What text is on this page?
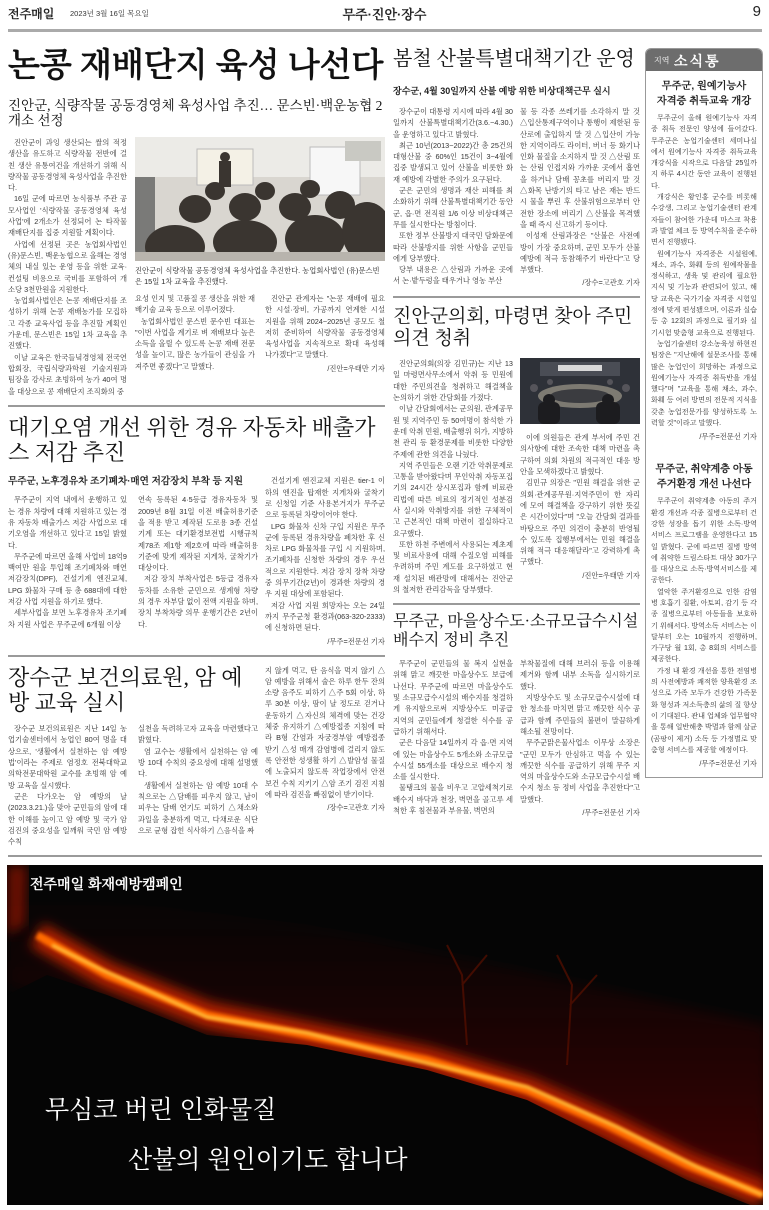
전주매일 2023년 3월 16일 목요일	무주·진안·장수	9
논콩 재배단지 육성 나선다
진안군, 식량작물 공동경영체 육성사업 추진… 문스빈·백운농협 2개소 선정

진안군이 과잉 생산되는 쌀의 적정 생산을 유도하고 식량작물 전반에 걸친 생산 유통여건을 개선하기 위해 식량작물 공동경영체 육성사업을 추진한다.

16일 군에 따르면 농식품부 주관 공모사업인 '식량작물 공동경영체 육성사업'에 2개소가 선정되어 논 타작물 재배단지를 집중 지원할 계획이다.

사업에 선정된 곳은 농업회사법인 (유)문스빈, 백운농협으로 올해는 경영체의 내실 있는 운영 등을 위한 교육·컨설팅 비용으로 국비를 포함하여 개소당 3천만원을 지원한다.

농업회사법인은 논콩 재배단지를 조성하기 위해 논콩 재배농가를 모집하고 각종 교육사업 등을 추진할 계획인 가운데, 문스빈은 15일 1차 교육을 추진했다.

이날 교육은 한국들녘경영체 전국연합회장, 국립식량과학원 기술지원과 팀장을 강사로 초빙하여 농가 40여 명을 대상으로 콩 재배단지 조직화의 중

진안군이 식량작물 공동경영체 육성사업을 추진한다. 농업회사법인 (유)문스빈은 15일 1차 교육을 추진했다.

요성 인지 및 고품질 콩 생산을 위한 재배기술 교육 등으로 이루어졌다.

농업회사법인 문스빈 문수빈 대표는 "이번 사업을 계기로 벼 재배보다 높은 소득을 올릴 수 있도록 논콩 재배 전문성을 높이고, 많은 농가들이 관심을 가져주면 좋겠다"고 말했다.

진안군 관계자는 "논콩 재배에 필요한 시설·장비, 가공까지 연계한 시설 지원을 위해 2024~2025년 공모도 철저히 준비하여 식량작물 공동경영체 육성사업을 지속적으로 확대 육성해 나가겠다"고 말했다.

/진안=우태만 기자
대기오염 개선 위한 경유 자동차 배출가스 저감 추진
무주군, 노후경유차 조기폐차·매연 저감장치 부착 등 지원

무주군이 지역 내에서 운행하고 있는 경유 차량에 대해 지원하고 있는 경유 자동차 배출가스 저감 사업으로 대기오염을 개선하고 있다고 15일 밝혔다.

무주군에 따르면 올해 사업비 18억9백여만 원을 투입해 조기폐차와 매연저감장치(DPF), 건설기계 엔진교체, LPG 화물차 구매 등 총 688대에 대한 저감 사업 지원을 하기로 했다.

세부사업을 보면 노후경유차 조기폐차 지원 사업은 무주군에 6개월 이상

연속 등록된 4·5등급 경유자동차 및 2009년 8월 31일 이전 배출허용기준을 적용 받고 제작된 도로용 3종 건설기계 또는 대기환경보전법 시행규칙 제78조 제1항 제2호에 따라 배출허용기준에 맞게 제작된 지게차, 굴착기가 대상이다.

저감 장치 부착사업은 5등급 경유자동차를 소유한 군민으로 생계형 차량의 경우 자부담 없이 전액 지원을 하며, 장치 부착차량 의무 운행기간은 2년이다.

건설기계 엔진교체 지원은 tier-1 이하의 엔진을 탑재한 지게차와 굴착기로 신청일 기준 사용본거지가 무주군으로 등록된 차량이어야 한다.

LPG 화물차 신차 구입 지원은 무주군에 등록된 경유차량을 폐차한 후 신차로 LPG 화물차를 구입 시 지원하며, 조기폐차를 신청한 차량의 경우 우선적으로 지원한다. 저감 장치 장착 차량 중 의무기간(2년)이 경과한 차량의 경우 지원 대상에 포함된다.

저감 사업 지원 희망자는 오는 24일까지 무주군청 환경과(063-320-2333)에 신청하면 된다.

/무주=전문선 기자
장수군 보건의료원, 암 예방 교육 실시

장수군 보건의료원은 지난 14일 농업기술센터에서 농업인 80여 명을 대상으로, '생활에서 실천하는 암 예방법'이라는 주제로 염정호 전북대학교 의학전문대학원 교수를 초빙해 암 예방 교육을 실시했다.

군은 다가오는 암 예방의 날(2023.3.21.)을 맞아 군민들의 암에 대한 이해를 높이고 암 예방 및 국가 암검진의 중요성을 일깨워 국민 암 예방 수칙

실천을 독려하고자 교육을 마련했다고 밝혔다.

염 교수는 생활에서 실천하는 암 예방 10대 수칙의 중요성에 대해 설명했다.

생활에서 실천하는 암 예방 10대 수칙으로는 △담배를 피우지 않고, 남이 피우는 담배 연기도 피하기 △채소와 과일을 충분하게 먹고, 다채로운 식단으로 균형 잡힌 식사하기 △음식을 짜

지 않게 먹고, 탄 음식을 먹지 않기 △암 예방을 위해서 술은 하루 한두 잔의 소량 음주도 피하기 △주 5회 이상, 하루 30분 이상, 땀이 날 정도로 걷거나 운동하기 △자신의 체격에 맞는 건강 체중 유지하기 △예방접종 지침에 따라 B형 간염과 자궁경부암 예방접종 받기 △성 매개 감염병에 걸리지 않도록 안전한 성생활 하기 △발암성 물질에 노출되지 않도록 작업장에서 안전 보건 수칙 지키기 △암 조기 검진 지침에 따라 검진을 빠짐없이 받기이다.

/장수=고관호 기자
봄철 산불특별대책기간 운영
장수군, 4월 30일까지 산불 예방 위한 비상대책근무 실시

장수군이 대통령 지시에 따라 4월 30일까지 산불특별대책기간(3.6.~4.30.)을 운영하고 있다고 밝혔다.

최근 10년(2013~2022)간 총 25건의 대형산불 중 60%인 15건이 3~4월에 집중 발생되고 있어 산불을 비롯한 화재 예방에 각별한 주의가 요구된다.

군은 군민의 생명과 재산 피해를 최소화하기 위해 산불특별대책기간 동안 군, 읍·면 전직원 1/6 이상 비상대책근무를 실시한다는 방침이다.

또한 정부 산불방지 대국민 담화문에 따라 산불방지를 위한 사항을 군민들에게 당부했다.

당부 내용은 △산림과 가까운 곳에서 논·밭두렁을 태우거나 영농 부산

물 등 각종 쓰레기를 소각하지 말 것 △입산통제구역이나 통행이 제한된 등산로에 출입하지 말 것 △입산이 가능한 지역이라도 라이터, 버너 등 화기나 인화 물질을 소지하지 말 것 △산림 또는 산림 인접지와 가까운 곳에서 흡연을 하거나 담배 꽁초를 버리지 말 것 △화목 난방기의 타고 남은 재는 반드시 물을 뿌린 후 산불위험으로부터 안전한 장소에 버리기 △산불을 목격했을 때 즉시 신고하기 등이다.

이성재 산림과장은 "산불은 사전예방이 가장 중요하며, 군민 모두가 산불예방에 적극 동참해주기 바란다"고 당부했다.

/장수=고관호 기자
진안군의회, 마령면 찾아 주민의견 청취

진안군의회(의장 김민규)는 지난 13일 마령면사무소에서 악취 등 민원에 대한 주민의견을 청취하고 해결책을 논의하기 위한 간담회를 가졌다.

이날 간담회에서는 군의원, 관계공무원 및 지역주민 등 50여명이 참석한 가운데 악취 민원, 배출행위 허가, 지방하천 관리 등 환경문제를 비롯한 다양한 주제에 관한 의견을 나눴다.

지역 주민들은 오랜 기간 악취문제로 고통을 받아왔다며 무인악취 자동포집기의 24시간 상시포집과 함께 비료관리법에 따른 비료의 정기적인 성분검사 실시와 악취방지를 위한 구체적이고 근본적인 대책 마련이 절실하다고 요구했다.

또한 하천 주변에서 사용되는 제초제 및 비료사용에 대해 수질오염 피해를 우려하며 주민 계도를 요구하였고 현재 설치된 배관망에 대해서는 진안군의 철저한 관리감독을 당부했다.

이에 의원들은 관계 부서에 주민 건의사항에 대한 조속한 대책 마련을 촉구하여 의회 차원의 적극적인 대응 방안을 모색하겠다고 밝혔다.

김민규 의장은 "민원 해결을 위한 군의회·관계공무원·지역주민이 한 자리에 모여 해결책을 강구하기 위한 뜻깊은 시간이었다"며 "오늘 간담회 결과를 바탕으로 주민 의견이 충분히 반영될 수 있도록 집행부에서는 민원 해결을 위해 적극 대응해달라"고 강력하게 촉구했다.

/진안=우태만 기자
무주군, 마을상수도·소규모급수시설 배수지 정비 추진

무주군이 군민들의 물 복지 실현을 위해 맑고 깨끗한 마을상수도 보급에 나선다. 무주군에 따르면 마을상수도 및 소규모급수시설의 배수지를 청결하게 유지함으로써 지방상수도 미공급 지역의 군민들에게 청결한 식수를 공급하기 위해서다.

군은 다음달 14일까지 각 읍·면 지역에 있는 마을상수도 5개소와 소규모급수시설 55개소를 대상으로 배수지 청소를 실시한다.

물탱크의 물을 비우고 고압세척기로 배수지 바닥과 천장, 벽면을 골고루 세척한 후 침전물과 부유물, 벽면의

부착물질에 대해 브러쉬 등을 이용해 제거와 함께 내부 소독을 실시하기로 했다.

지방상수도 및 소규모급수시설에 대한 청소를 마치면 맑고 깨끗한 식수 공급과 함께 주민들의 불편이 말끔하게 해소될 전망이다.

무주군맑은물사업소 이무상 소장은 "군민 모두가 안심하고 먹을 수 있는 깨끗한 식수를 공급하기 위해 무주 지역의 마을상수도와 소규모급수시설 배수지 청소 등 정비 사업을 추진한다"고 말했다.

/무주=전문선 기자
지역 소식통
무주군, 원예기능사
자격증 취득교육 개강

무주군이 올해 원예기능사 자격증 취득 전문인 양성에 들어갔다. 무주군은 농업기술센터 세미나실에서 원예기능사 자격증 취득교육 개강식을 시작으로 다음달 25일까지 하루 4시간 동안 교육이 진행된다.

개강식은 황인홍 군수를 비롯해 수강생, 그리고 농업기술센터 관계자들이 참여한 가운데 마스크 착용과 발열 체크 등 방역수칙을 준수하면서 진행됐다.

원예기능사 자격증은 시설원예, 채소, 과수, 화훼 등의 원예작물을 정식하고, 생육 및 관리에 필요한 지식 및 기능과 관련되어 있고, 해당 교육은 국가기술 자격증 시험일정에 맞게 편성됐으며, 이론과 실습 등 총 12회의 과정으로 필기와 실기시험 맞춤형 교육으로 진행된다.

농업기술센터 강소농육성 하현진 팀장은 "지난해에 설문조사를 통해 많은 농업인이 희망하는 과정으로 원예기능사 자격증 취득반을 개설했다"며 "교육을 통해 채소, 과수, 화훼 등 여러 방면의 전문적 지식을 갖춘 농업전문가를 양성하도록 노력할 것"이라고 말했다.

/무주=전문선 기자
무주군, 취약계층 아동
주거환경 개선 나선다

무주군이 취약계층 아동의 주거환경 개선과 각종 질병으로부터 건강한 성장을 돕기 위한 소독·방역 서비스 프로그램을 운영한다고 15일 밝혔다. 군에 따르면 질병 방역에 취약한 드림스타트 대상 30가구를 대상으로 소독·방역서비스를 제공한다.

열악한 주거환경으로 인한 감염병 호흡기 질환, 아토피, 감기 등 각종 질병으로부터 아동들을 보호하기 위해서다. 방역소독 서비스는 이달부터 오는 10월까지 진행하며, 가구당 월 1회, 총 8회의 서비스를 제공한다.

가정 내 환경 개선을 통한 전염병의 사전예방과 쾌적한 양육환경 조성으로 가족 모두가 건강한 가족문화 형성과 저소득층의 삶의 질 향상이 기대된다. 관내 업체와 업무협약을 통해 일반해충 박멸과 함께 살균(곰팡이 제거) 소독 등 가정별로 맞춤형 서비스를 제공할 예정이다.

/무주=전문선 기자
전주매일 화재예방캠페인
무심코 버린 인화물질
산불의 원인이기도 합니다
